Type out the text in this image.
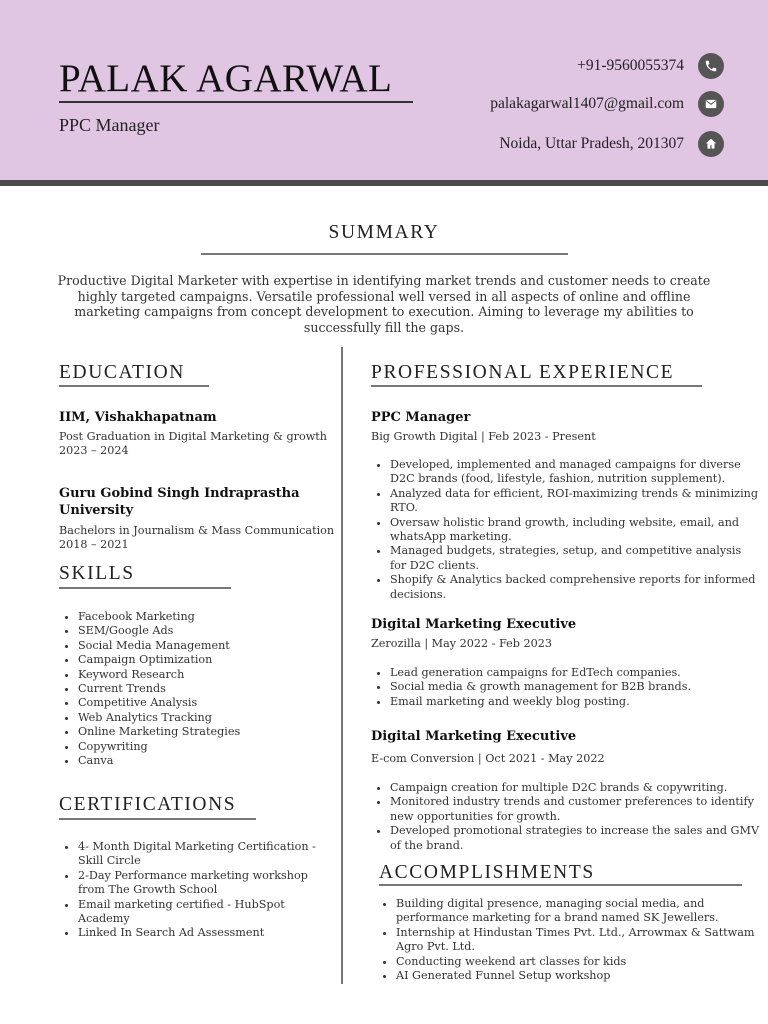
PALAK AGARWAL
PPC Manager
+91-9560055374
palakagarwal1407@gmail.com
Noida, Uttar Pradesh, 201307
SUMMARY

Productive Digital Marketer with expertise in identifying market trends and customer needs to create highly targeted campaigns. Versatile professional well versed in all aspects of online and offline marketing campaigns from concept development to execution. Aiming to leverage my abilities to successfully fill the gaps.

EDUCATION
IIM, Vishakhapatnam
Post Graduation in Digital Marketing & growth
2023 – 2024
Guru Gobind Singh Indraprastha University
Bachelors in Journalism & Mass Communication
2018 – 2021
SKILLS
• Facebook Marketing
• SEM/Google Ads
• Social Media Management
• Campaign Optimization
• Keyword Research
• Current Trends
• Competitive Analysis
• Web Analytics Tracking
• Online Marketing Strategies
• Copywriting
• Canva
CERTIFICATIONS
• 4- Month Digital Marketing Certification - Skill Circle
• 2-Day Performance marketing workshop from The Growth School
• Email marketing certified - HubSpot Academy
• Linked In Search Ad Assessment
PROFESSIONAL EXPERIENCE
PPC Manager
Big Growth Digital | Feb 2023 - Present
• Developed, implemented and managed campaigns for diverse D2C brands (food, lifestyle, fashion, nutrition supplement).
• Analyzed data for efficient, ROI-maximizing trends & minimizing RTO.
• Oversaw holistic brand growth, including website, email, and whatsApp marketing.
• Managed budgets, strategies, setup, and competitive analysis for D2C clients.
• Shopify & Analytics backed comprehensive reports for informed decisions.
Digital Marketing Executive
Zerozilla | May 2022 - Feb 2023
• Lead generation campaigns for EdTech companies.
• Social media & growth management for B2B brands.
• Email marketing and weekly blog posting.
Digital Marketing Executive
E-com Conversion | Oct 2021 - May 2022
• Campaign creation for multiple D2C brands & copywriting.
• Monitored industry trends and customer preferences to identify new opportunities for growth.
• Developed promotional strategies to increase the sales and GMV of the brand.
ACCOMPLISHMENTS
• Building digital presence, managing social media, and performance marketing for a brand named SK Jewellers.
• Internship at Hindustan Times Pvt. Ltd., Arrowmax & Sattwam Agro Pvt. Ltd.
• Conducting weekend art classes for kids
• AI Generated Funnel Setup workshop
